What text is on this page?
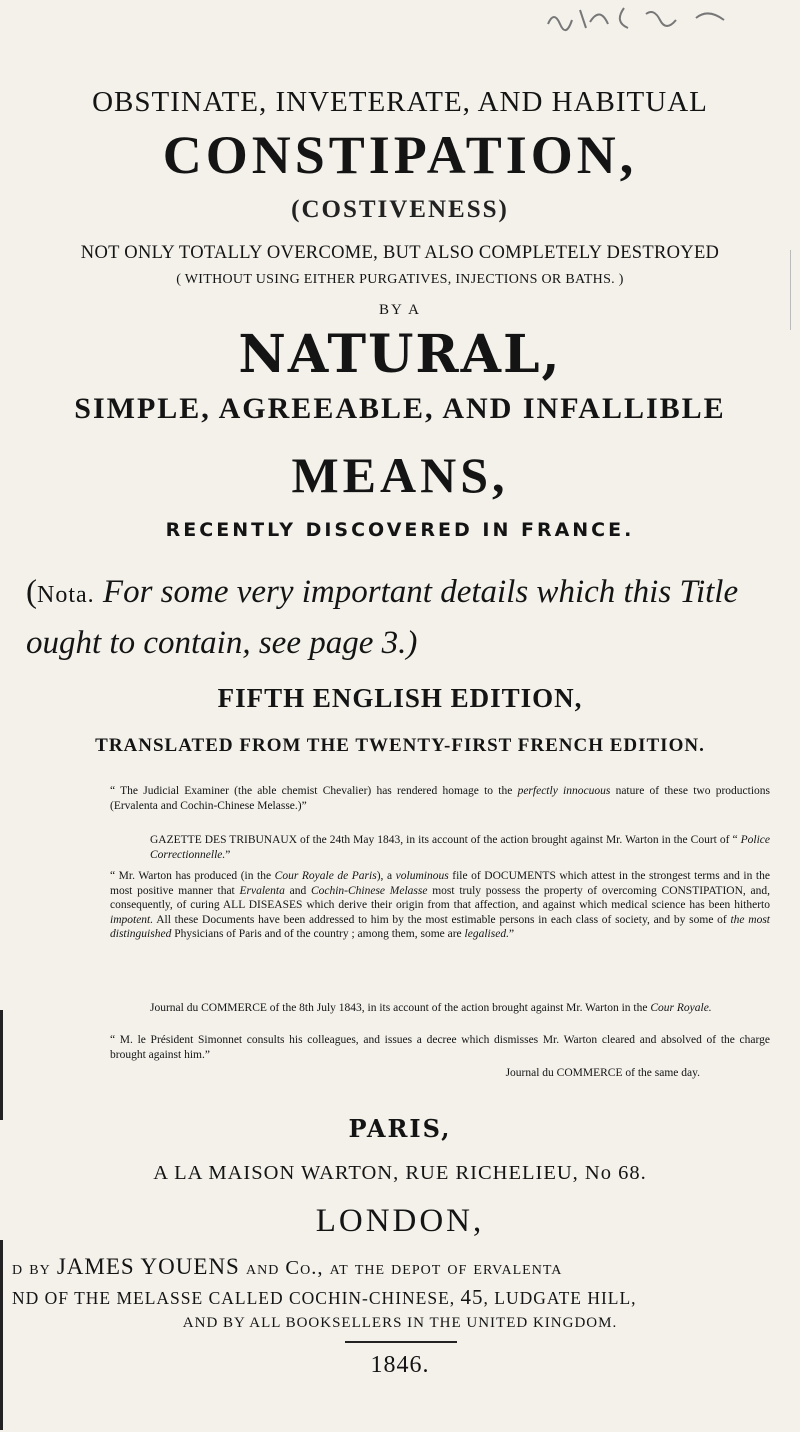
OBSTINATE, INVETERATE, AND HABITUAL
CONSTIPATION,
(COSTIVENESS)
NOT ONLY TOTALLY OVERCOME, BUT ALSO COMPLETELY DESTROYED
( WITHOUT USING EITHER PURGATIVES, INJECTIONS OR BATHS. )
BY A
NATURAL,
SIMPLE, AGREEABLE, AND INFALLIBLE
MEANS,
RECENTLY DISCOVERED IN FRANCE.
(Nota. For some very important details which this Title ought to contain, see page 3.)
FIFTH ENGLISH EDITION,
TRANSLATED FROM THE TWENTY-FIRST FRENCH EDITION.
“ The Judicial Examiner (the able chemist Chevalier) has rendered homage to the perfectly innocuous nature of these two productions (Ervalenta and Cochin-Chinese Melasse.)”
GAZETTE DES TRIBUNAUX of the 24th May 1843, in its account of the action brought against Mr. Warton in the Court of “ Police Correctionnelle.”
“ Mr. Warton has produced (in the Cour Royale de Paris), a voluminous file of DOCUMENTS which attest in the strongest terms and in the most positive manner that Ervalenta and Cochin-Chinese Melasse most truly possess the property of overcoming CONSTIPATION, and, consequently, of curing ALL DISEASES which derive their origin from that affection, and against which medical science has been hitherto impotent. All these Documents have been addressed to him by the most estimable persons in each class of society, and by some of the most distinguished Physicians of Paris and of the country ; among them, some are legalised.”
Journal du COMMERCE of the 8th July 1843, in its account of the action brought against Mr. Warton in the Cour Royale.
“ M. le Président Simonnet consults his colleagues, and issues a decree which dismisses Mr. Warton cleared and absolved of the charge brought against him.”
Journal du COMMERCE of the same day.
PARIS,
A LA MAISON WARTON, RUE RICHELIEU, No 68.
LONDON,
d by JAMES YOUENS and Co., at the depot of ervalenta
ND OF THE MELASSE CALLED COCHIN-CHINESE, 45, LUDGATE HILL,
AND BY ALL BOOKSELLERS IN THE UNITED KINGDOM.
1846.
